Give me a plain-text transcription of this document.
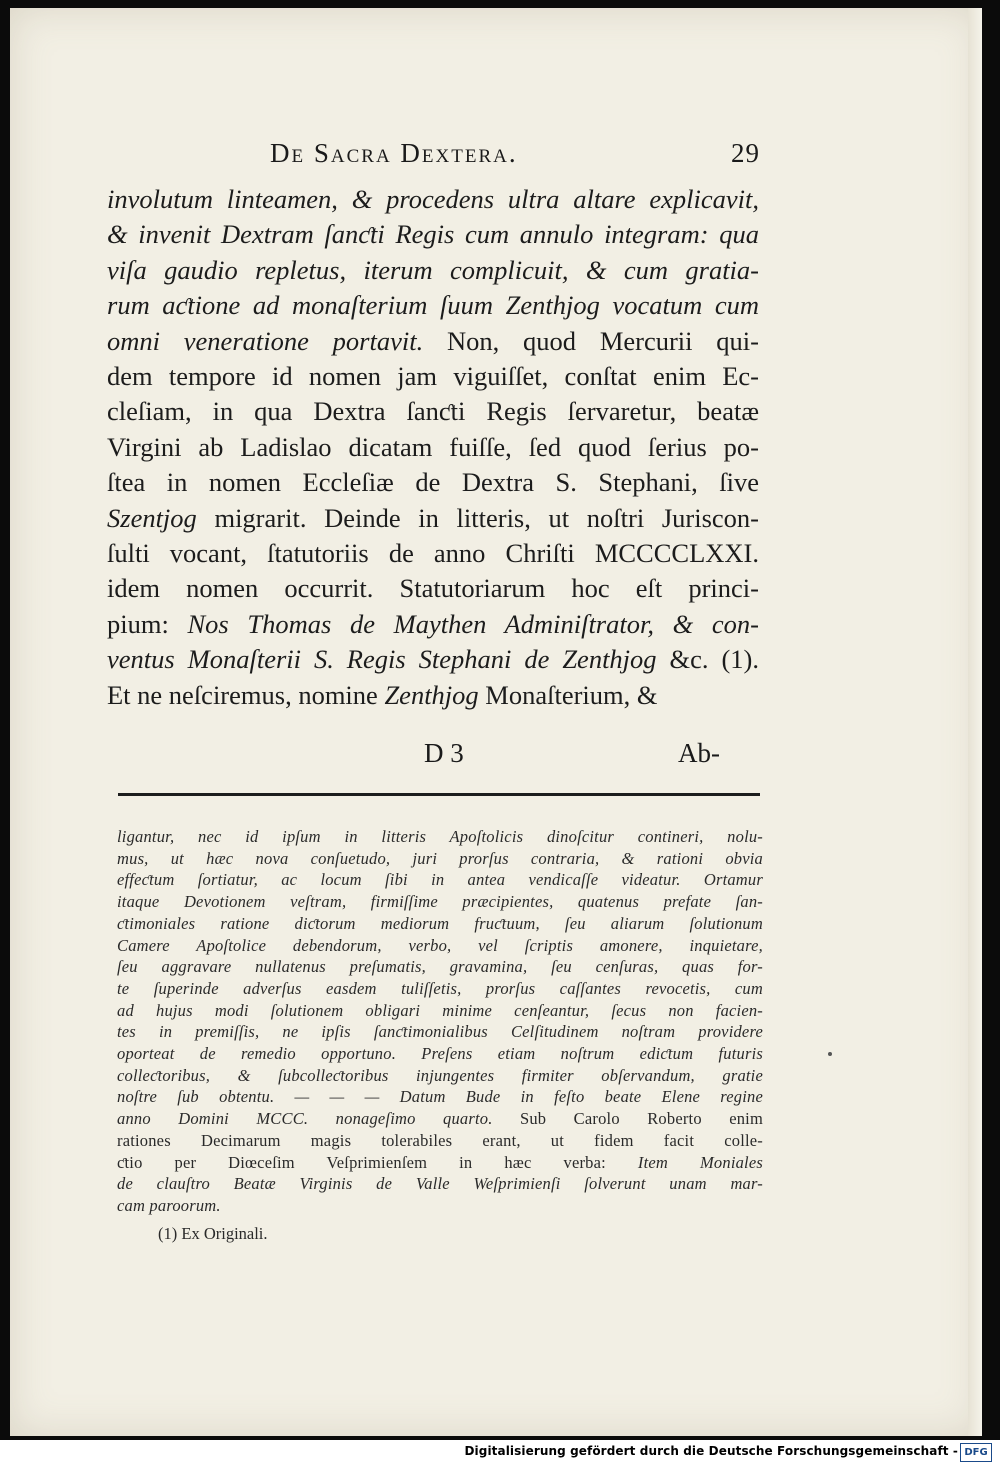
De Sacra Dextera.	29
involutum linteamen, & procedens ultra altare explicavit,
& invenit Dextram ſanƈti Regis cum annulo integram: qua
viſa gaudio repletus, iterum complicuit, & cum gratia-
rum aƈtione ad monaſterium ſuum Zenthjog vocatum cum
omni veneratione portavit. Non, quod Mercurii qui-
dem tempore id nomen jam viguiſſet, conſtat enim Ec-
cleſiam, in qua Dextra ſanƈti Regis ſervaretur, beatæ
Virgini ab Ladislao dicatam fuiſſe, ſed quod ſerius po-
ſtea in nomen Eccleſiæ de Dextra S. Stephani, ſive
Szentjog migrarit. Deinde in litteris, ut noſtri Juriscon-
ſulti vocant, ſtatutoriis de anno Chriſti MCCCCLXXI.
idem nomen occurrit. Statutoriarum hoc eſt princi-
pium: Nos Thomas de Maythen Adminiſtrator, & con-
ventus Monaſterii S. Regis Stephani de Zenthjog &c. (1).
Et ne neſciremus, nomine Zenthjog Monaſterium, &
D 3	Ab-
ligantur, nec id ipſum in litteris Apoſtolicis dinoſcitur contineri, nolu-
mus, ut hæc nova conſuetudo, juri prorſus contraria, & rationi obvia
effeƈtum ſortiatur, ac locum ſibi in antea vendicaſſe videatur. Ortamur
itaque Devotionem veſtram, firmiſſime præcipientes, quatenus prefate ſan-
ƈtimoniales ratione diƈtorum mediorum fruƈtuum, ſeu aliarum ſolutionum
Camere Apoſtolice debendorum, verbo, vel ſcriptis amonere, inquietare,
ſeu aggravare nullatenus preſumatis, gravamina, ſeu cenſuras, quas for-
te ſuperinde adverſus easdem tuliſſetis, prorſus caſſantes revocetis, cum
ad hujus modi ſolutionem obligari minime cenſeantur, ſecus non facien-
tes in premiſſis, ne ipſis ſanƈtimonialibus Celſitudinem noſtram providere
oporteat de remedio opportuno. Preſens etiam noſtrum ediƈtum futuris
colleƈtoribus, & ſubcolleƈtoribus injungentes firmiter obſervandum, gratie
noſtre ſub obtentu. — — — Datum Bude in feſto beate Elene regine
anno Domini MCCC. nonageſimo quarto. Sub Carolo Roberto enim
rationes Decimarum magis tolerabiles erant, ut fidem facit colle-
ƈtio per Diœceſim Veſprimienſem in hæc verba: Item Moniales
de clauſtro Beatæ Virginis de Valle Weſprimienſi ſolverunt unam mar-
cam paroorum.
(1) Ex Originali.
Digitalisierung gefördert durch die Deutsche Forschungsgemeinschaft - DFG
